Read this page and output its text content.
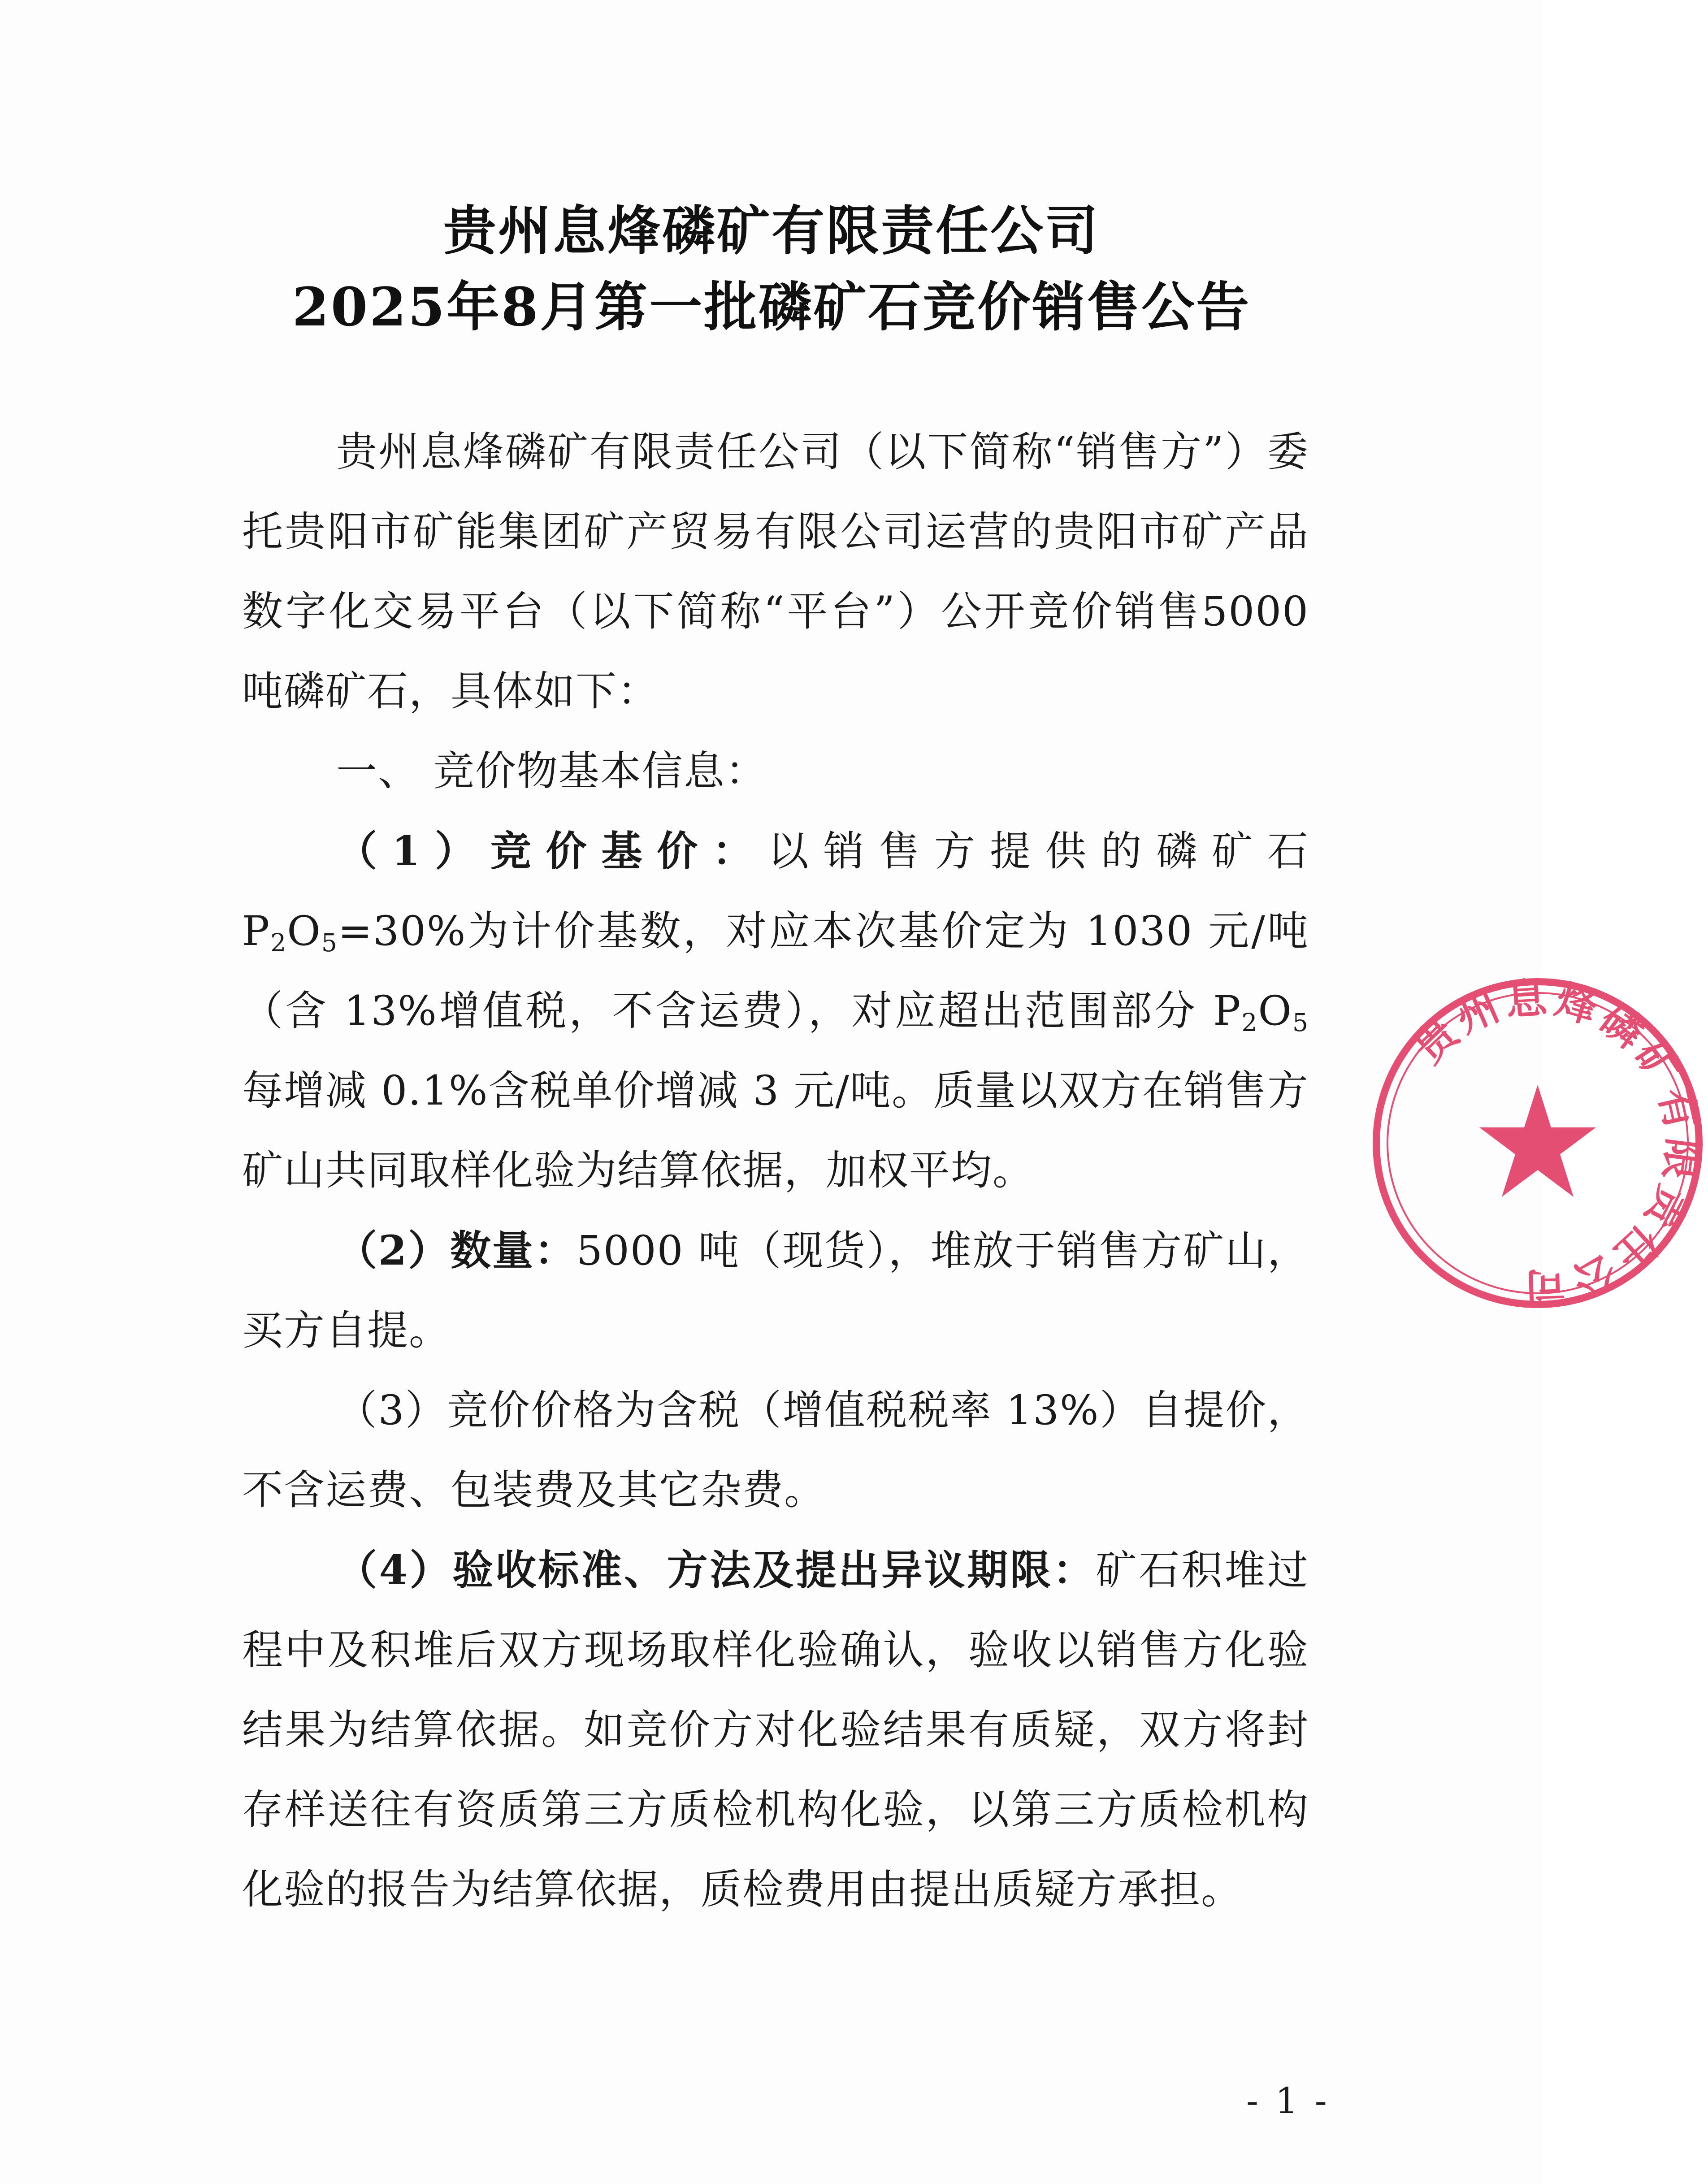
贵州息烽磷矿有限责任公司
2025年8月第一批磷矿石竞价销售公告

贵州息烽磷矿有限责任公司（以下简称“销售方”）委托贵阳市矿能集团矿产贸易有限公司运营的贵阳市矿产品数字化交易平台（以下简称“平台”）公开竞价销售5000吨磷矿石，具体如下：

一、 竞价物基本信息：

（1）竞价基价：以销售方提供的磷矿石 $P_2O_5=30\%$为计价基数，对应本次基价定为 1030 元/吨（含 13%增值税，不含运费），对应超出范围部分 $P_2O_5$ 每增减 0.1%含税单价增减 3 元/吨。质量以双方在销售方矿山共同取样化验为结算依据，加权平均。

（2）数量：5000 吨（现货），堆放于销售方矿山，买方自提。

（3）竞价价格为含税（增值税税率 13%）自提价，不含运费、包装费及其它杂费。

（4）验收标准、方法及提出异议期限：矿石积堆过程中及积堆后双方现场取样化验确认，验收以销售方化验结果为结算依据。如竞价方对化验结果有质疑，双方将封存样送往有资质第三方质检机构化验，以第三方质检机构化验的报告为结算依据，质检费用由提出质疑方承担。

贵州息烽磷矿有限责任公司
- 1 -
